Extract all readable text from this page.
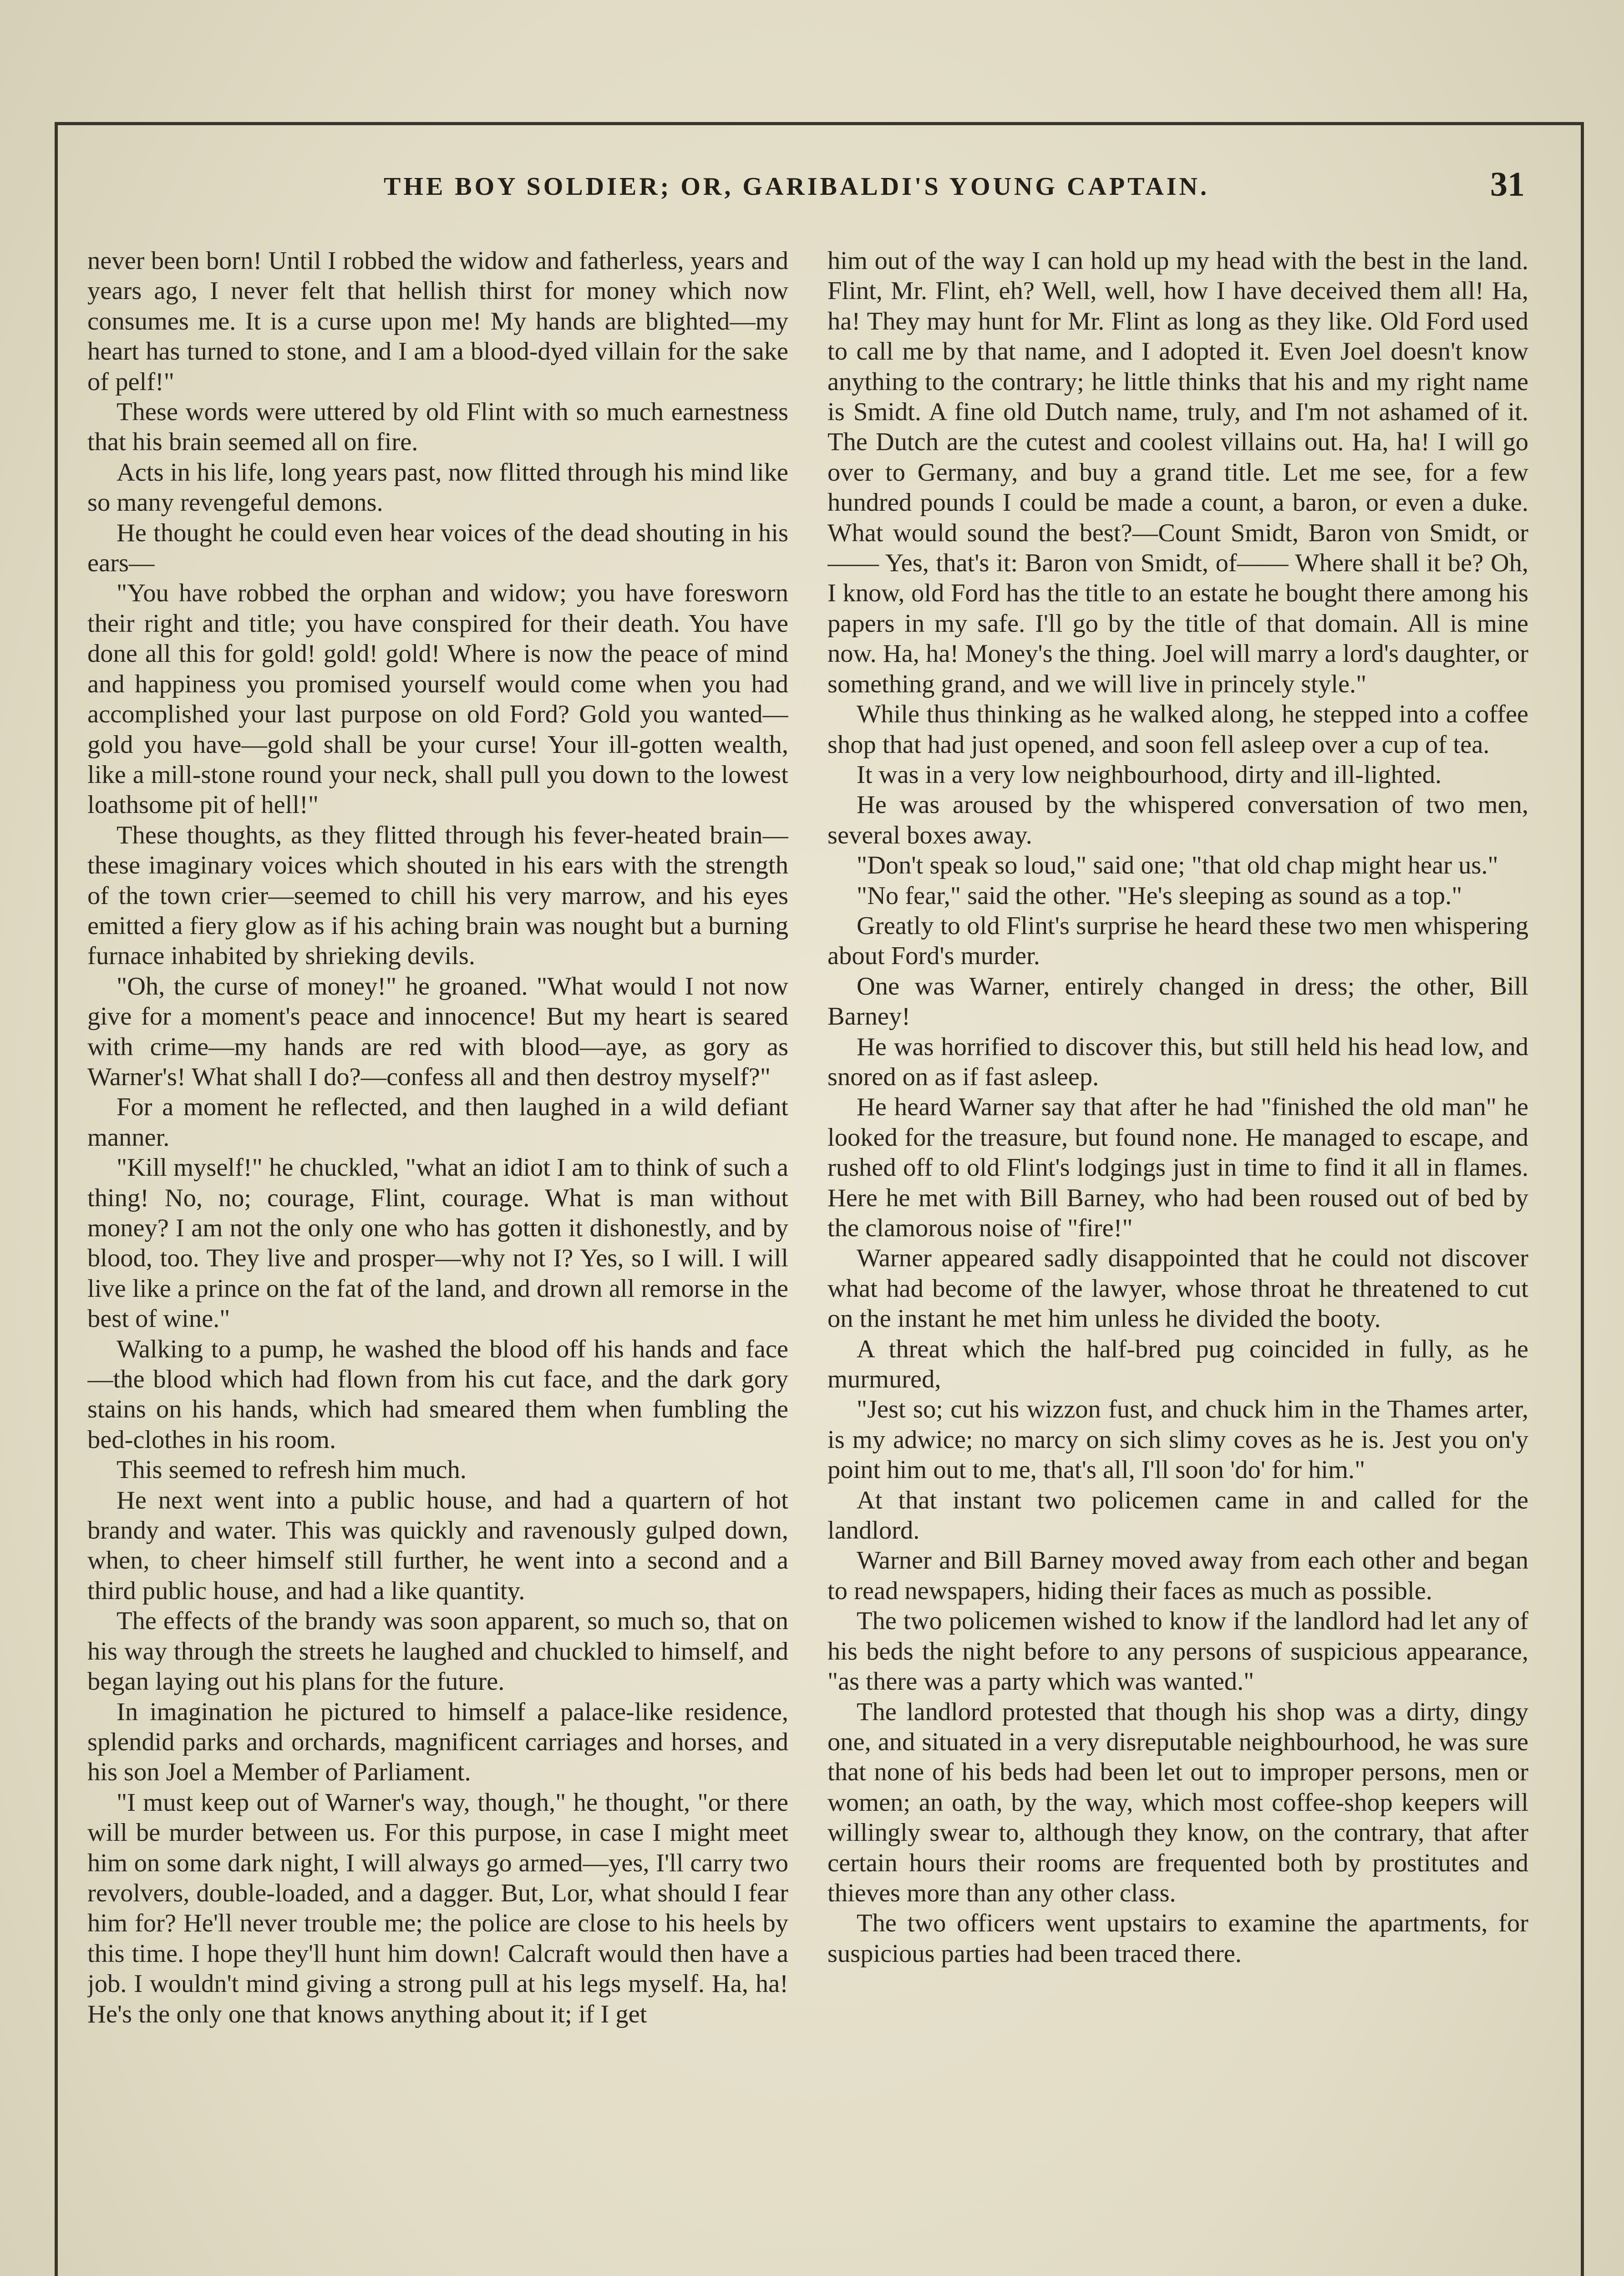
THE BOY SOLDIER; OR, GARIBALDI'S YOUNG CAPTAIN.	31

never been born! Until I robbed the widow and fatherless, years and years ago, I never felt that hellish thirst for money which now consumes me. It is a curse upon me! My hands are blighted—my heart has turned to stone, and I am a blood-dyed villain for the sake of pelf!"

These words were uttered by old Flint with so much earnestness that his brain seemed all on fire.

Acts in his life, long years past, now flitted through his mind like so many revengeful demons.

He thought he could even hear voices of the dead shouting in his ears—

"You have robbed the orphan and widow; you have foresworn their right and title; you have conspired for their death. You have done all this for gold! gold! gold! Where is now the peace of mind and happiness you promised yourself would come when you had accomplished your last purpose on old Ford? Gold you wanted—gold you have—gold shall be your curse! Your ill-gotten wealth, like a mill-stone round your neck, shall pull you down to the lowest loathsome pit of hell!"

These thoughts, as they flitted through his fever-heated brain—these imaginary voices which shouted in his ears with the strength of the town crier—seemed to chill his very marrow, and his eyes emitted a fiery glow as if his aching brain was nought but a burning furnace inhabited by shrieking devils.

"Oh, the curse of money!" he groaned. "What would I not now give for a moment's peace and innocence! But my heart is seared with crime—my hands are red with blood—aye, as gory as Warner's! What shall I do?—confess all and then destroy myself?"

For a moment he reflected, and then laughed in a wild defiant manner.

"Kill myself!" he chuckled, "what an idiot I am to think of such a thing! No, no; courage, Flint, courage. What is man without money? I am not the only one who has gotten it dishonestly, and by blood, too. They live and prosper—why not I? Yes, so I will. I will live like a prince on the fat of the land, and drown all remorse in the best of wine."

Walking to a pump, he washed the blood off his hands and face—the blood which had flown from his cut face, and the dark gory stains on his hands, which had smeared them when fumbling the bed-clothes in his room.

This seemed to refresh him much.

He next went into a public house, and had a quartern of hot brandy and water. This was quickly and ravenously gulped down, when, to cheer himself still further, he went into a second and a third public house, and had a like quantity.

The effects of the brandy was soon apparent, so much so, that on his way through the streets he laughed and chuckled to himself, and began laying out his plans for the future.

In imagination he pictured to himself a palace-like residence, splendid parks and orchards, magnificent carriages and horses, and his son Joel a Member of Parliament.

"I must keep out of Warner's way, though," he thought, "or there will be murder between us. For this purpose, in case I might meet him on some dark night, I will always go armed—yes, I'll carry two revolvers, double-loaded, and a dagger. But, Lor, what should I fear him for? He'll never trouble me; the police are close to his heels by this time. I hope they'll hunt him down! Calcraft would then have a job. I wouldn't mind giving a strong pull at his legs myself. Ha, ha! He's the only one that knows anything about it; if I get

him out of the way I can hold up my head with the best in the land. Flint, Mr. Flint, eh? Well, well, how I have deceived them all! Ha, ha! They may hunt for Mr. Flint as long as they like. Old Ford used to call me by that name, and I adopted it. Even Joel doesn't know anything to the contrary; he little thinks that his and my right name is Smidt. A fine old Dutch name, truly, and I'm not ashamed of it. The Dutch are the cutest and coolest villains out. Ha, ha! I will go over to Germany, and buy a grand title. Let me see, for a few hundred pounds I could be made a count, a baron, or even a duke. What would sound the best?—Count Smidt, Baron von Smidt, or—— Yes, that's it: Baron von Smidt, of—— Where shall it be? Oh, I know, old Ford has the title to an estate he bought there among his papers in my safe. I'll go by the title of that domain. All is mine now. Ha, ha! Money's the thing. Joel will marry a lord's daughter, or something grand, and we will live in princely style."

While thus thinking as he walked along, he stepped into a coffee shop that had just opened, and soon fell asleep over a cup of tea.

It was in a very low neighbourhood, dirty and ill-lighted.

He was aroused by the whispered conversation of two men, several boxes away.

"Don't speak so loud," said one; "that old chap might hear us."

"No fear," said the other. "He's sleeping as sound as a top."

Greatly to old Flint's surprise he heard these two men whispering about Ford's murder.

One was Warner, entirely changed in dress; the other, Bill Barney!

He was horrified to discover this, but still held his head low, and snored on as if fast asleep.

He heard Warner say that after he had "finished the old man" he looked for the treasure, but found none. He managed to escape, and rushed off to old Flint's lodgings just in time to find it all in flames. Here he met with Bill Barney, who had been roused out of bed by the clamorous noise of "fire!"

Warner appeared sadly disappointed that he could not discover what had become of the lawyer, whose throat he threatened to cut on the instant he met him unless he divided the booty.

A threat which the half-bred pug coincided in fully, as he murmured,

"Jest so; cut his wizzon fust, and chuck him in the Thames arter, is my adwice; no marcy on sich slimy coves as he is. Jest you on'y point him out to me, that's all, I'll soon 'do' for him."

At that instant two policemen came in and called for the landlord.

Warner and Bill Barney moved away from each other and began to read newspapers, hiding their faces as much as possible.

The two policemen wished to know if the landlord had let any of his beds the night before to any persons of suspicious appearance, "as there was a party which was wanted."

The landlord protested that though his shop was a dirty, dingy one, and situated in a very disreputable neighbourhood, he was sure that none of his beds had been let out to improper persons, men or women; an oath, by the way, which most coffee-shop keepers will willingly swear to, although they know, on the contrary, that after certain hours their rooms are frequented both by prostitutes and thieves more than any other class.

The two officers went upstairs to examine the apartments, for suspicious parties had been traced there.
